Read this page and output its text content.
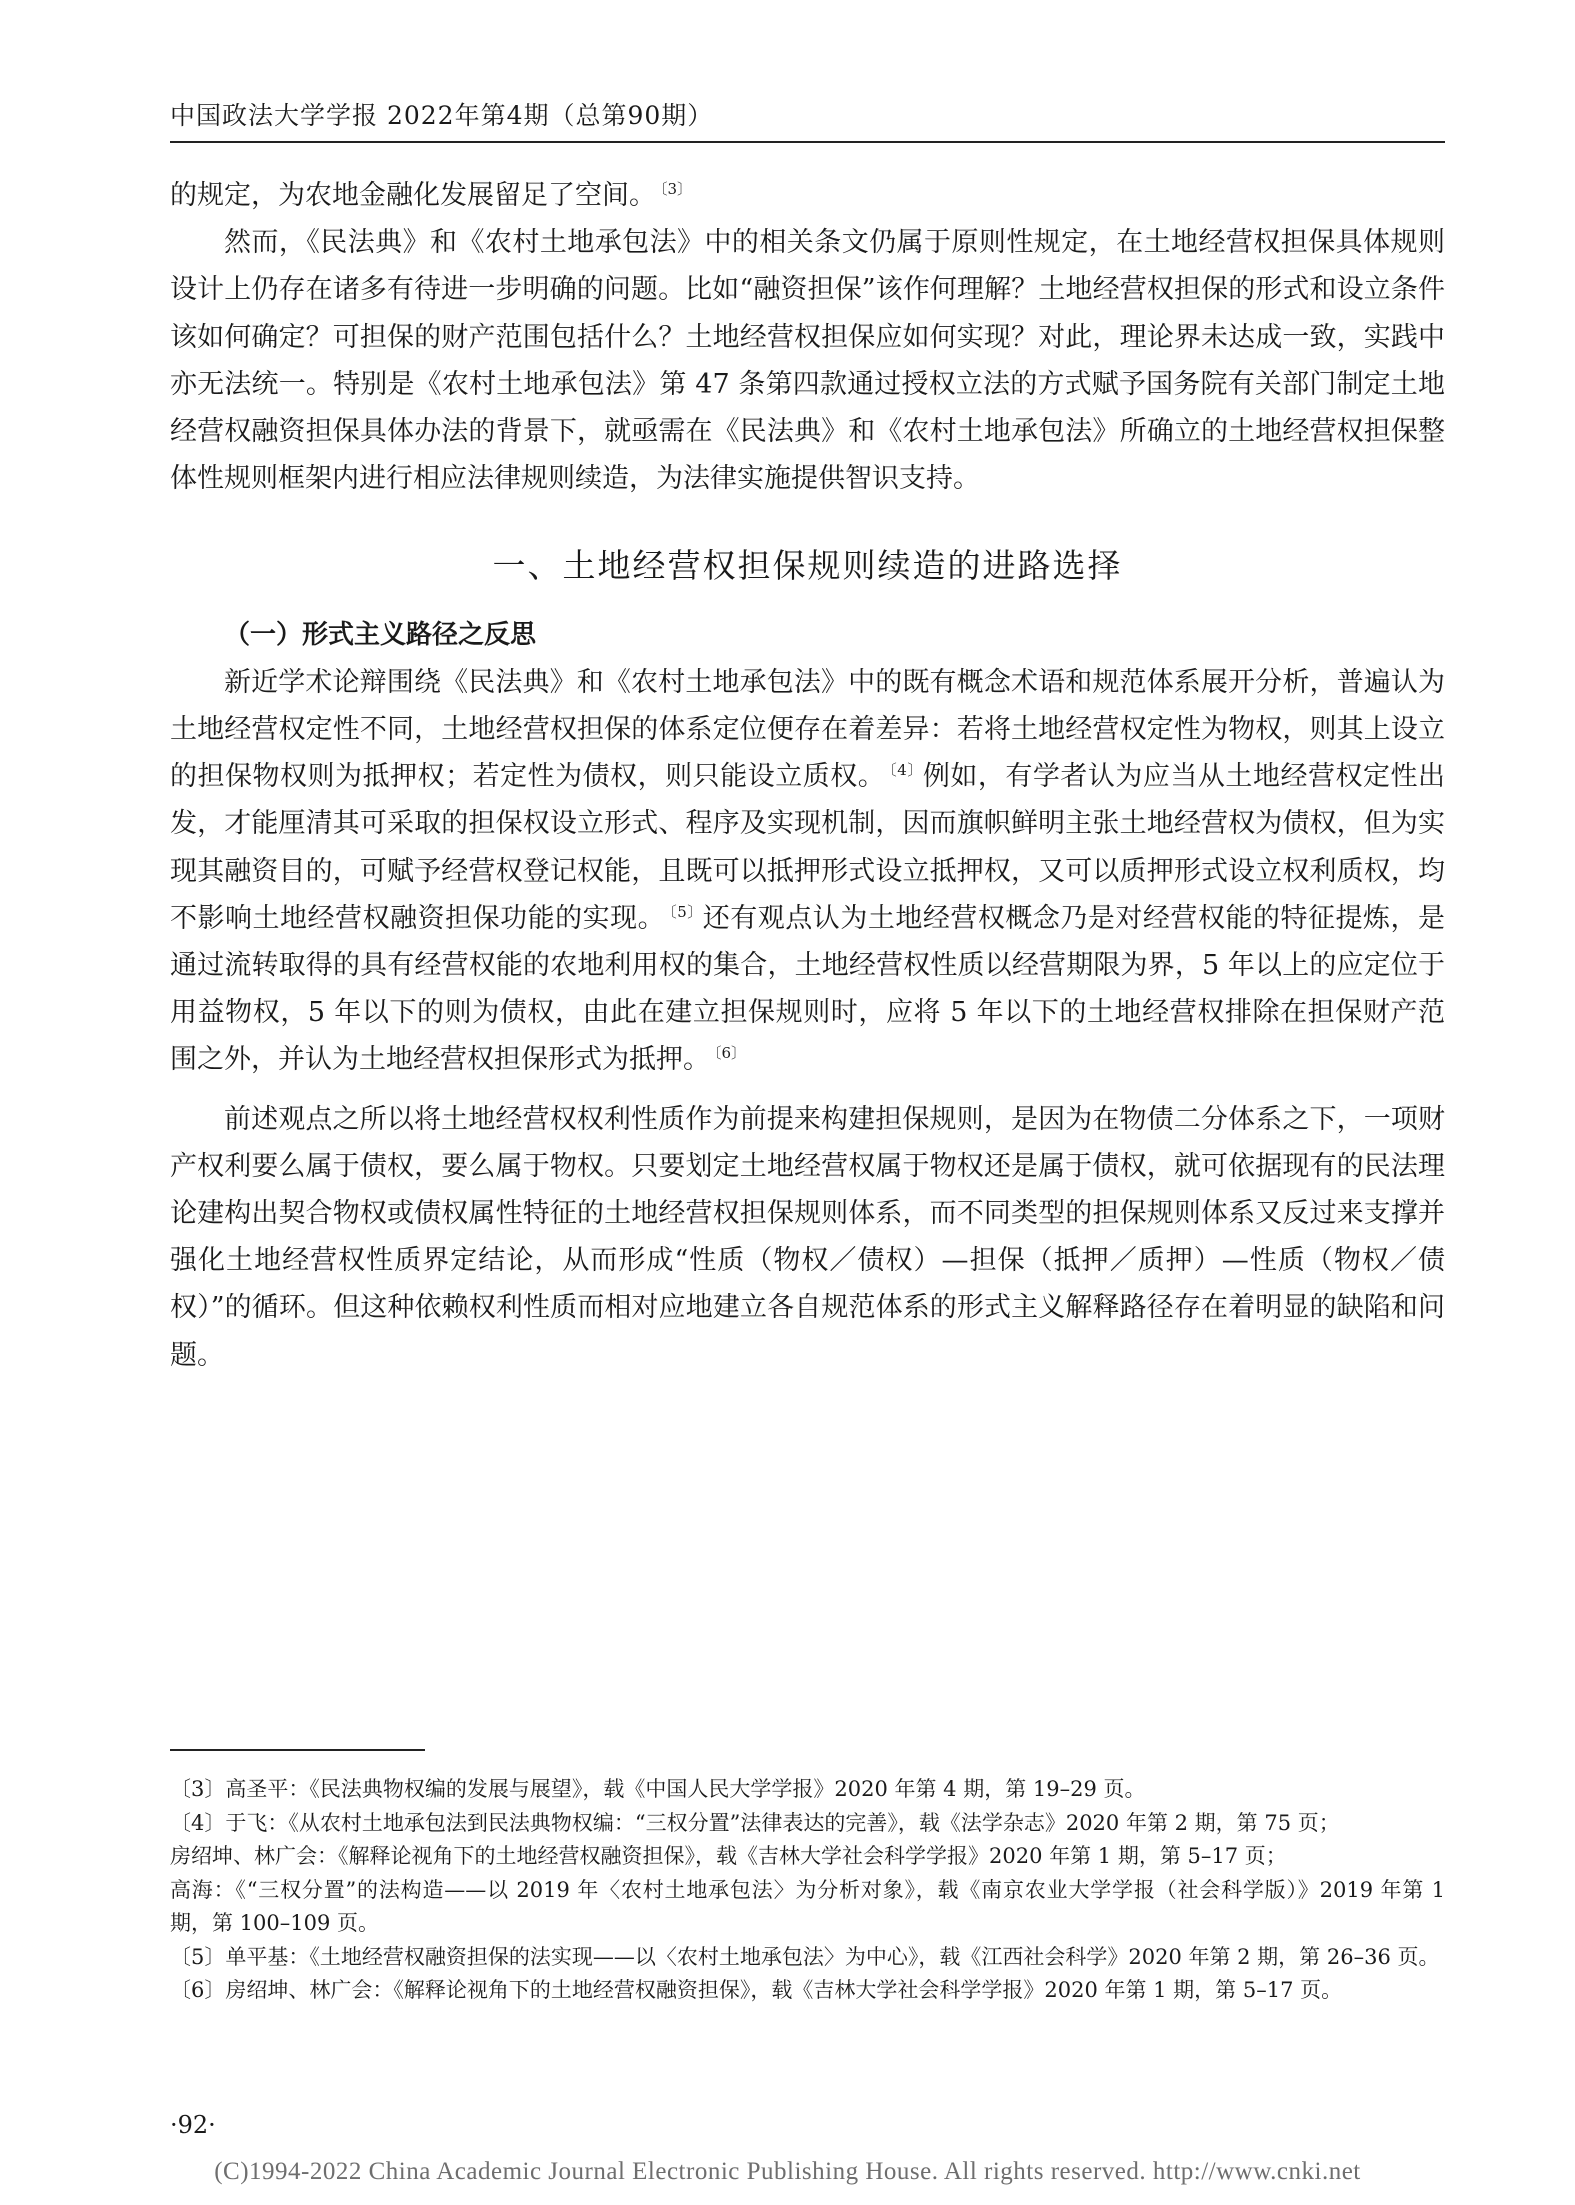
中国政法大学学报 2022年第4期（总第90期）

的规定，为农地金融化发展留足了空间。 $^{〔3〕}$

然而，《民法典》和《农村土地承包法》中的相关条文仍属于原则性规定，在土地经营权担保具体规则设计上仍存在诸多有待进一步明确的问题。比如“融资担保”该作何理解？土地经营权担保的形式和设立条件该如何确定？可担保的财产范围包括什么？土地经营权担保应如何实现？对此，理论界未达成一致，实践中亦无法统一。特别是《农村土地承包法》第 47 条第四款通过授权立法的方式赋予国务院有关部门制定土地经营权融资担保具体办法的背景下，就亟需在《民法典》和《农村土地承包法》所确立的土地经营权担保整体性规则框架内进行相应法律规则续造，为法律实施提供智识支持。

一、土地经营权担保规则续造的进路选择

（一）形式主义路径之反思

新近学术论辩围绕《民法典》和《农村土地承包法》中的既有概念术语和规范体系展开分析，普遍认为土地经营权定性不同，土地经营权担保的体系定位便存在着差异：若将土地经营权定性为物权，则其上设立的担保物权则为抵押权；若定性为债权，则只能设立质权。 $^{〔4〕}$例如，有学者认为应当从土地经营权定性出发，才能厘清其可采取的担保权设立形式、程序及实现机制，因而旗帜鲜明主张土地经营权为债权，但为实现其融资目的，可赋予经营权登记权能，且既可以抵押形式设立抵押权，又可以质押形式设立权利质权，均不影响土地经营权融资担保功能的实现。 $^{〔5〕}$还有观点认为土地经营权概念乃是对经营权能的特征提炼，是通过流转取得的具有经营权能的农地利用权的集合，土地经营权性质以经营期限为界，5 年以上的应定位于用益物权，5 年以下的则为债权，由此在建立担保规则时，应将 5 年以下的土地经营权排除在担保财产范围之外，并认为土地经营权担保形式为抵押。 $^{〔6〕}$

前述观点之所以将土地经营权权利性质作为前提来构建担保规则，是因为在物债二分体系之下，一项财产权利要么属于债权，要么属于物权。只要划定土地经营权属于物权还是属于债权，就可依据现有的民法理论建构出契合物权或债权属性特征的土地经营权担保规则体系，而不同类型的担保规则体系又反过来支撑并强化土地经营权性质界定结论，从而形成“性质（物权／债权）—担保（抵押／质押）—性质（物权／债权）”的循环。但这种依赖权利性质而相对应地建立各自规范体系的形式主义解释路径存在着明显的缺陷和问题。

〔3〕高圣平：《民法典物权编的发展与展望》，载《中国人民大学学报》2020 年第 4 期，第 19–29 页。

〔4〕于飞：《从农村土地承包法到民法典物权编：“三权分置”法律表达的完善》，载《法学杂志》2020 年第 2 期，第 75 页；

房绍坤、林广会：《解释论视角下的土地经营权融资担保》，载《吉林大学社会科学学报》2020 年第 1 期，第 5–17 页；

高海：《“三权分置”的法构造——以 2019 年〈农村土地承包法〉为分析对象》，载《南京农业大学学报（社会科学版）》2019 年第 1 期，第 100–109 页。

〔5〕单平基：《土地经营权融资担保的法实现——以〈农村土地承包法〉为中心》，载《江西社会科学》2020 年第 2 期，第 26–36 页。

〔6〕房绍坤、林广会：《解释论视角下的土地经营权融资担保》，载《吉林大学社会科学学报》2020 年第 1 期，第 5–17 页。

·92·
(C)1994-2022 China Academic Journal Electronic Publishing House. All rights reserved. http://www.cnki.net
